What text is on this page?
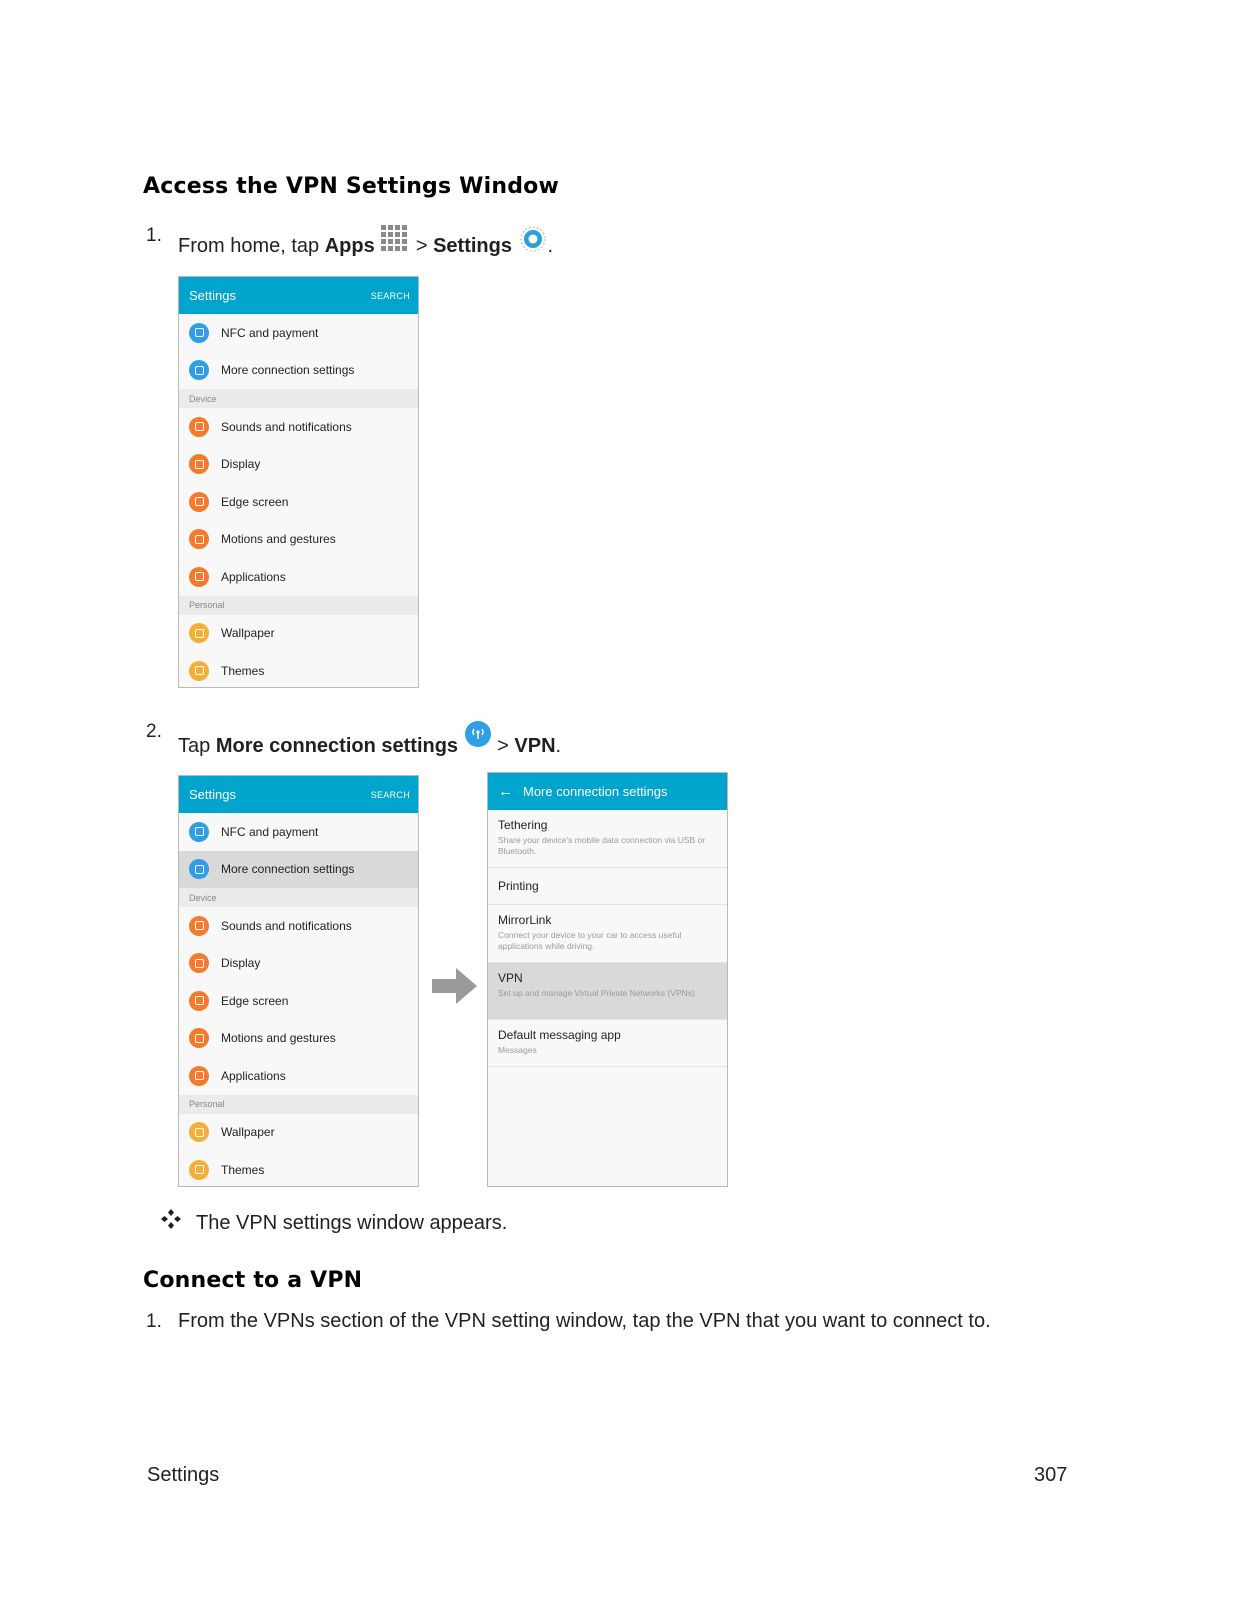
Access the VPN Settings Window
1. From home, tap Apps  > Settings .
Settings	SEARCH
NFC and payment
More connection settings
Device
Sounds and notifications
Display
Edge screen
Motions and gestures
Applications
Personal
Wallpaper
Themes
2.
Tap More connection settings  > VPN.
Settings	SEARCH
NFC and payment
More connection settings
Device
Sounds and notifications
Display
Edge screen
Motions and gestures
Applications
Personal
Wallpaper
Themes
← More connection settings
Tethering
Share your device's mobile data connection via USB or Bluetooth.
Printing
MirrorLink
Connect your device to your car to access useful applications while driving.
VPN
Set up and manage Virtual Private Networks (VPNs).
Default messaging app
Messages
The VPN settings window appears.
Connect to a VPN
1. From the VPNs section of the VPN setting window, tap the VPN that you want to connect to.
Settings	307
